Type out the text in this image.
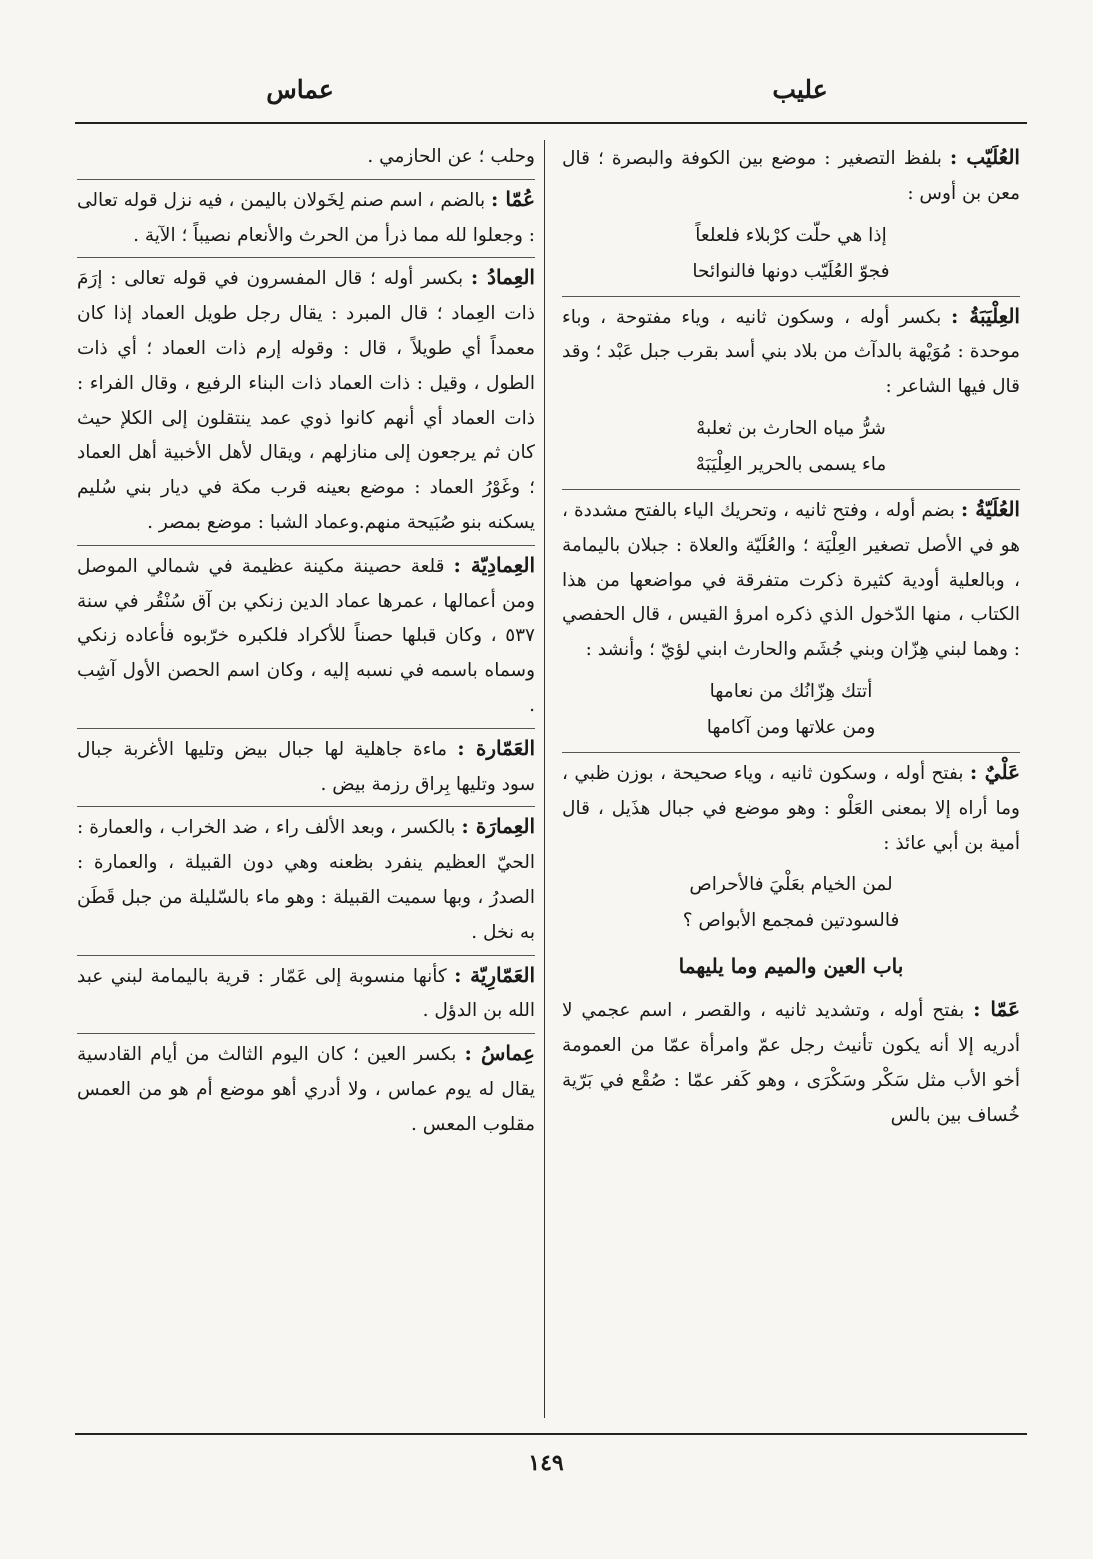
عليب
عماس
العُلَيّب : بلفظ التصغير : موضع بين الكوفة والبصرة ؛ قال معن بن أوس :
إذا هي حلّت كرْبلاء فلعلعاً
فجوّ العُلَيّب دونها فالنوائحا
العِلْيَبَةُ : بكسر أوله ، وسكون ثانيه ، وياء مفتوحة ، وباء موحدة : مُوَيْهة بالدآث من بلاد بني أسد بقرب جبل عَبْد ؛ وقد قال فيها الشاعر :
شرُّ مياه الحارث بن ثعلبهْ
ماء يسمى بالحرير العِلْيَبَهْ
العُلَيّةُ : بضم أوله ، وفتح ثانيه ، وتحريك الياء بالفتح مشددة ، هو في الأصل تصغير العِلْيَة ؛ والعُلَيّة والعلاة : جبلان باليمامة ، وبالعلية أودية كثيرة ذكرت متفرقة في مواضعها من هذا الكتاب ، منها الدّخول الذي ذكره امرؤ القيس ، قال الحفصي : وهما لبني هِزّان وبني جُشَم والحارث ابني لؤيّ ؛ وأنشد :
أتتك هِزّانُك من نعامها
ومن علاتها ومن آكامها
عَلْيٌ : بفتح أوله ، وسكون ثانيه ، وياء صحيحة ، بوزن ظبي ، وما أراه إلا بمعنى العَلْو : وهو موضع في جبال هذَيل ، قال أمية بن أبي عائذ :
لمن الخيام بعَلْيَ فالأحراص
فالسودتين فمجمع الأبواص ؟
باب العين والميم وما يليهما
عَمّا : بفتح أوله ، وتشديد ثانيه ، والقصر ، اسم عجمي لا أدريه إلا أنه يكون تأنيث رجل عمّ وامرأة عمّا من العمومة أخو الأب مثل سَكْر وسَكْرَى ، وهو كَفر عمّا : صُقْع في بَرّية خُساف بين بالس
وحلب ؛ عن الحازمي .
عُمّا : بالضم ، اسم صنم لِخَولان باليمن ، فيه نزل قوله تعالى : وجعلوا لله مما ذرأ من الحرث والأنعام نصيباً ؛ الآية .
العِمادُ : بكسر أوله ؛ قال المفسرون في قوله تعالى : إرَمَ ذات العِماد ؛ قال المبرد : يقال رجل طويل العماد إذا كان معمداً أي طويلاً ، قال : وقوله إرم ذات العماد ؛ أي ذات الطول ، وقيل : ذات العماد ذات البناء الرفيع ، وقال الفراء : ذات العماد أي أنهم كانوا ذوي عمد ينتقلون إلى الكلإ حيث كان ثم يرجعون إلى منازلهم ، ويقال لأهل الأخبية أهل العماد ؛ وغَوْرُ العماد : موضع بعينه قرب مكة في ديار بني سُليم يسكنه بنو صُبَيحة منهم.وعماد الشبا : موضع بمصر .
العِمادِيّة : قلعة حصينة مكينة عظيمة في شمالي الموصل ومن أعمالها ، عمرها عماد الدين زنكي بن آق سُنْقُر في سنة ٥٣٧ ، وكان قبلها حصناً للأكراد فلكبره خرّبوه فأعاده زنكي وسماه باسمه في نسبه إليه ، وكان اسم الحصن الأول آشِب .
العَمّارة : ماءة جاهلية لها جبال بيض وتليها الأغربة جبال سود وتليها بِراق رزمة بيض .
العِمارَة : بالكسر ، وبعد الألف راء ، ضد الخراب ، والعمارة : الحيّ العظيم ينفرد بظعنه وهي دون القبيلة ، والعمارة : الصدرُ ، وبها سميت القبيلة : وهو ماء بالسّليلة من جبل قَطَن به نخل .
العَمّارِيّة : كأنها منسوبة إلى عَمّار : قرية باليمامة لبني عبد الله بن الدؤل .
عِماسُ : بكسر العين ؛ كان اليوم الثالث من أيام القادسية يقال له يوم عماس ، ولا أدري أهو موضع أم هو من العمس مقلوب المعس .
١٤٩
